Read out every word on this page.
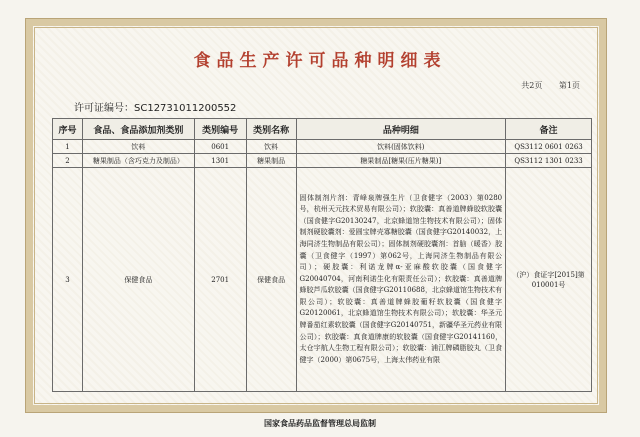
食品生产许可品种明细表
共2页 第1页
许可证编号：SC12731011200552
序号	食品、食品添加剂类别	类别编号	类别名称	品种明细	备注
1	饮料	0601	饮料	饮料(固体饮料)	QS3112 0601 0263
2	糖果制品（含巧克力及制品）	1301	糖果制品	糖果制品[糖果(压片糖果)]	QS3112 1301 0233
3	保健食品	2701	保健食品	固体制剂片剂：青峰泉牌强生片（卫食健字（2003）第0280号，杭州天元技术贸易有限公司）；软胶囊：真善道牌蜂胶软胶囊（国食健字G20130247，北京蜂道馆生物技术有限公司）；固体制剂硬胶囊剂：爱圆宝牌壳寡糖胶囊（国食健字G20140032，上海同济生物制品有限公司）；固体制剂硬胶囊剂：首脑（暖香）胶囊（卫食健字（1997）第062号，上海同济生物制品有限公司）；硬胶囊：利诺龙牌α-亚麻酸软胶囊（国食健字G20040704，河南利诺生化有限责任公司）；软胶囊：真善道牌蜂胶芦瓜软胶囊（国食健字G20110688，北京蜂道馆生物技术有限公司）；软胶囊：真善道牌蜂胶葡籽软胶囊（国食健字G20120061，北京蜂道馆生物技术有限公司）；软胶囊：华圣元牌番茄红素软胶囊（国食健字G20140751，新疆华圣元药业有限公司）；软胶囊：真食道牌康的软胶囊（国食健字G20141160，太仓宇航人生物工程有限公司）；软胶囊：浦江牌磷脂胶丸（卫食健字（2000）第0675号，上海太伟药业有限	（沪）食证字[2015]第010001号
国家食品药品监督管理总局监制
